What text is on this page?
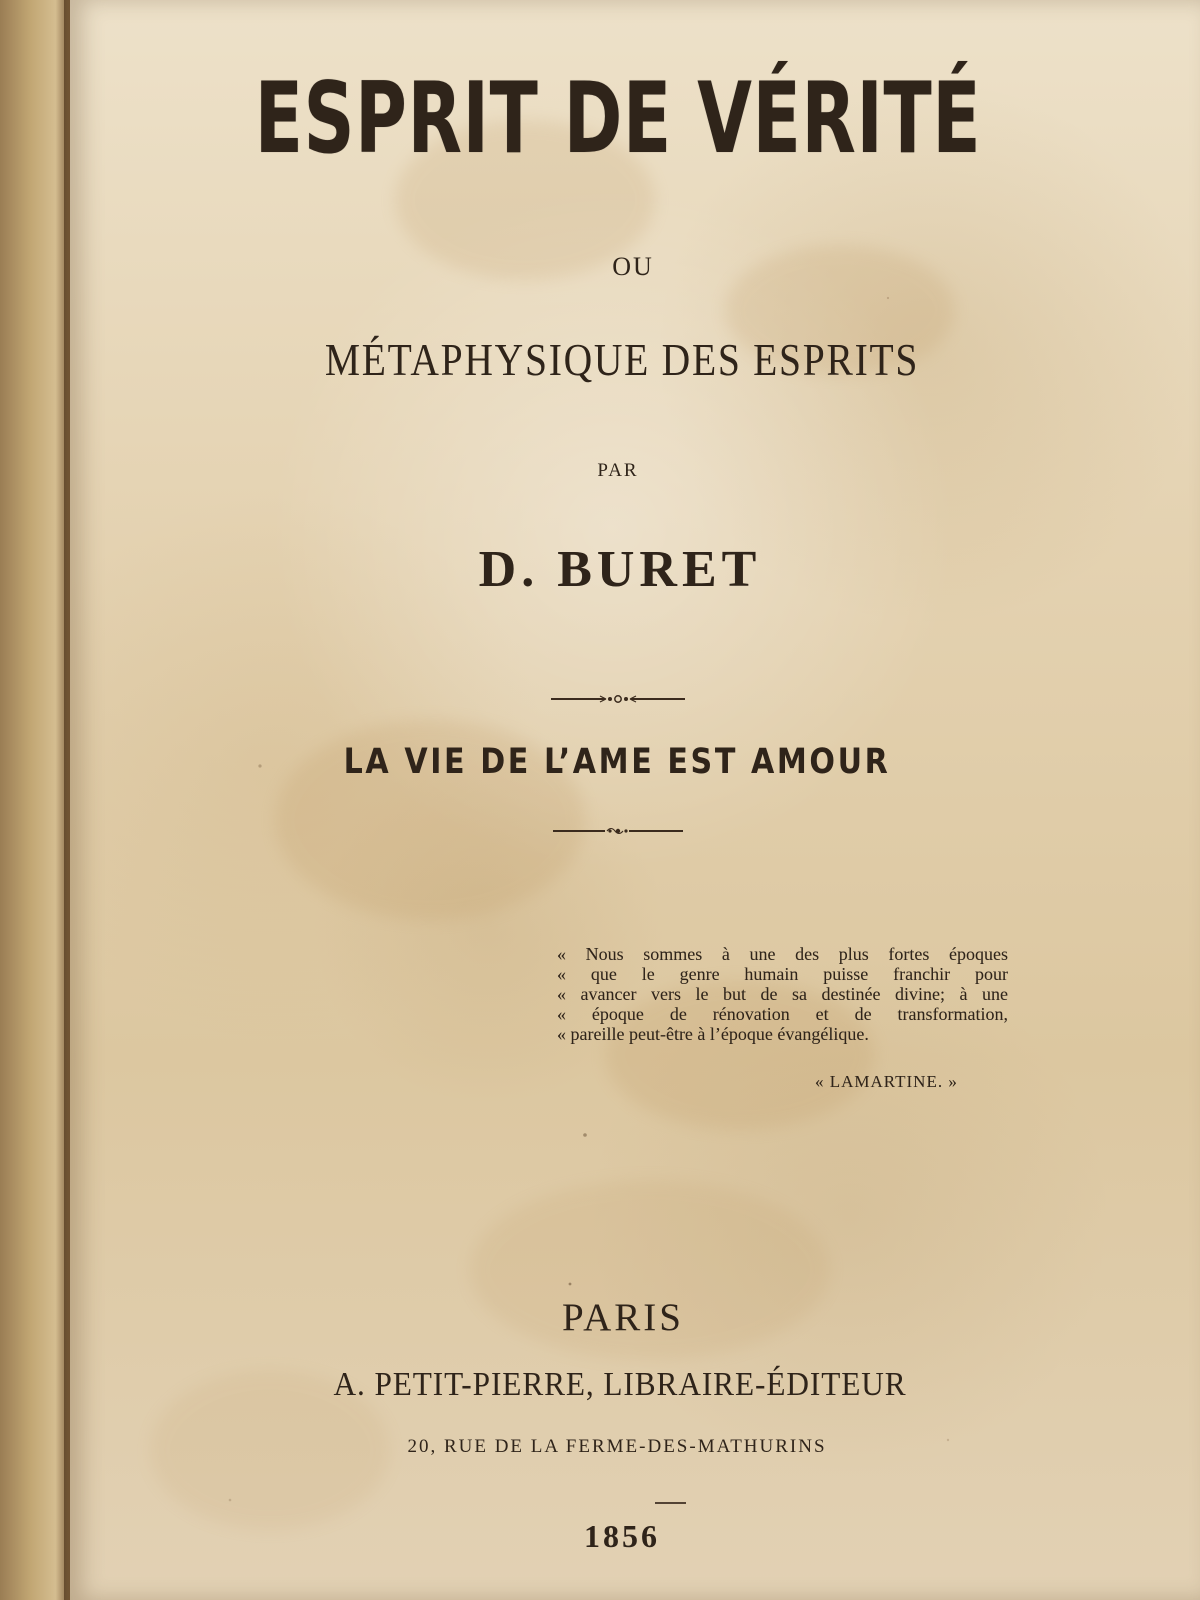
ESPRIT DE VÉRITÉ
OU
MÉTAPHYSIQUE DES ESPRITS
PAR
D. BURET
LA VIE DE L’AME EST AMOUR
« Nous sommes à une des plus fortes époques
« que le genre humain puisse franchir pour
« avancer vers le but de sa destinée divine; à une
« époque de rénovation et de transformation,
« pareille peut-être à l’époque évangélique.
« LAMARTINE. »
PARIS
A. PETIT-PIERRE, LIBRAIRE-ÉDITEUR
20, RUE DE LA FERME-DES-MATHURINS
1856
